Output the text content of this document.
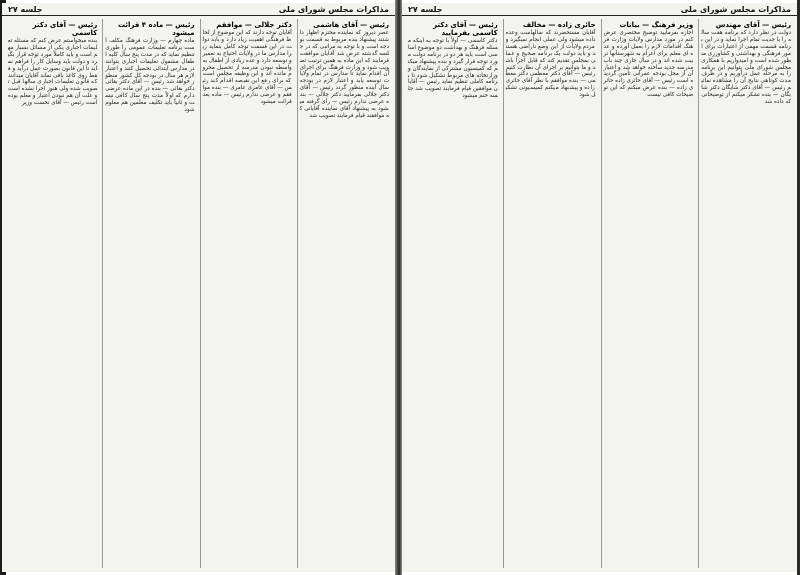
جلسه ۲۷	مذاكرات مجلس شورای ملی
رئیس — آقای هاشمی
عصر دیروز که نماینده محترم اظهار داشتند پیشنهاد بنده مربوط به قسمت بودجه است و با توجه به مراتبی که در جلسه گذشته عرض شد آقایان موافقت فرمایند که این ماده به همین ترتیب تصویب شود و وزارت فرهنگ برای اجرای آن اقدام نماید تا مدارس در تمام ولایات توسعه یابد و اعتبار لازم در بودجه سال آینده منظور گردد رئیس — آقای دکتر جلالی بفرمایید دکتر جلالی — بنده عرضی ندارم رئیس — رأی گرفته میشود به پیشنهاد آقای نماینده آقایانی که موافقند قیام فرمایند تصویب شد
دکتر جلالی — موافقم
آقایان توجه دارند که این موضوع از لحاظ فرهنگی اهمیت زیاد دارد و باید دولت در این قسمت توجه کامل بنماید زیرا مدارس ما در ولایات احتیاج به تعمیر و توسعه دارد و عده زیادی از اطفال به واسطه نبودن مدرسه از تحصیل محروم مانده اند و این وظیفه مجلس است که برای رفع این نقیصه اقدام کند رئیس — آقای عامری عامری — بنده موافقم و عرضی ندارم رئیس — ماده بعد قرائت میشود
رئیس — ماده ۴ قرائت میشود
ماده چهارم — وزارت فرهنگ مکلف است برنامه تعلیمات عمومی را طوری تنظیم نماید که در مدت پنج سال کلیه اطفال مشمول تعلیمات اجباری بتوانند در مدارس ابتدائی تحصیل کنند و اعتبار لازم هر سال در بودجه کل کشور منظور خواهد شد رئیس — آقای دکتر بقائی دکتر بقائی — بنده در این ماده عرضی دارم که اولاً مدت پنج سال کافی نیست و ثانیاً باید تکلیف معلمین هم معلوم شود
رئیس — آقای دکتر کاسمی
بنده میخواستم عرض کنم که مسئله تعلیمات اجباری یکی از مسائل بسیار مهم است و باید کاملاً مورد توجه قرار بگیرد و دولت باید وسایل کار را فراهم نماید تا این قانون بصورت عمل درآید و فقط روی کاغذ باقی نماند آقایان میدانند که قانون تعلیمات اجباری سالها قبل تصویب شده ولی هنوز اجرا نشده است و علت آن هم نبودن اعتبار و معلم بوده است رئیس — آقای نخست وزیر
جلسه ۲۷	مذاكرات مجلس شورای ملی
رئیس — آقای مهندس
دولت در نظر دارد که برنامه هفت ساله را با جدیت تمام اجرا نماید و در این برنامه قسمت مهمی از اعتبارات برای امور فرهنگی و بهداشتی و کشاورزی منظور شده است و امیدواریم با همکاری مجلس شورای ملی بتوانیم این برنامه را به مرحله عمل درآوریم و در ظرف مدت کوتاهی نتایج آن را مشاهده نمائیم رئیس — آقای دکتر شایگان دکتر شایگان — بنده تشکر میکنم از توضیحاتی که داده شد
وزیر فرهنگ — بیانات
اجازه بفرمایید توضیح مختصری عرض کنم در مورد مدارس ولایات وزارت فرهنگ اقدامات لازم را بعمل آورده و عده ای معلم برای اعزام به شهرستانها تربیت شده اند و در سال جاری چند باب مدرسه جدید ساخته خواهد شد و اعتبار آن از محل بودجه عمرانی تأمین گردیده است رئیس — آقای حائری زاده حائری زاده — بنده عرض میکنم که این توضیحات کافی نیست
حائری زاده — مخالف
آقایان مستحضرند که سالهاست وعده داده میشود ولی عملی انجام نمیگیرد و مردم ولایات از این وضع ناراضی هستند و باید دولت یک برنامه صحیح و عملی بمجلس تقدیم کند که قابل اجرا باشد و ما بتوانیم بر اجرای آن نظارت کنیم رئیس — آقای دکتر معظمی دکتر معظمی — بنده موافقم با نظر آقای حائری زاده و پیشنهاد میکنم کمیسیونی تشکیل شود
رئیس — آقای دکتر کاسمی بفرمایید
دکتر کاسمی — اولاً با توجه به اینکه مسئله فرهنگ و بهداشت دو موضوع اساسی است باید هر دو در برنامه دولت مورد توجه قرار گیرد و بنده پیشنهاد میکنم که کمیسیون مشترکی از نمایندگان و وزارتخانه های مربوط تشکیل شود تا برنامه کاملی تنظیم نماید رئیس — آقایان موافقین قیام فرمایند تصویب شد جلسه ختم میشود
